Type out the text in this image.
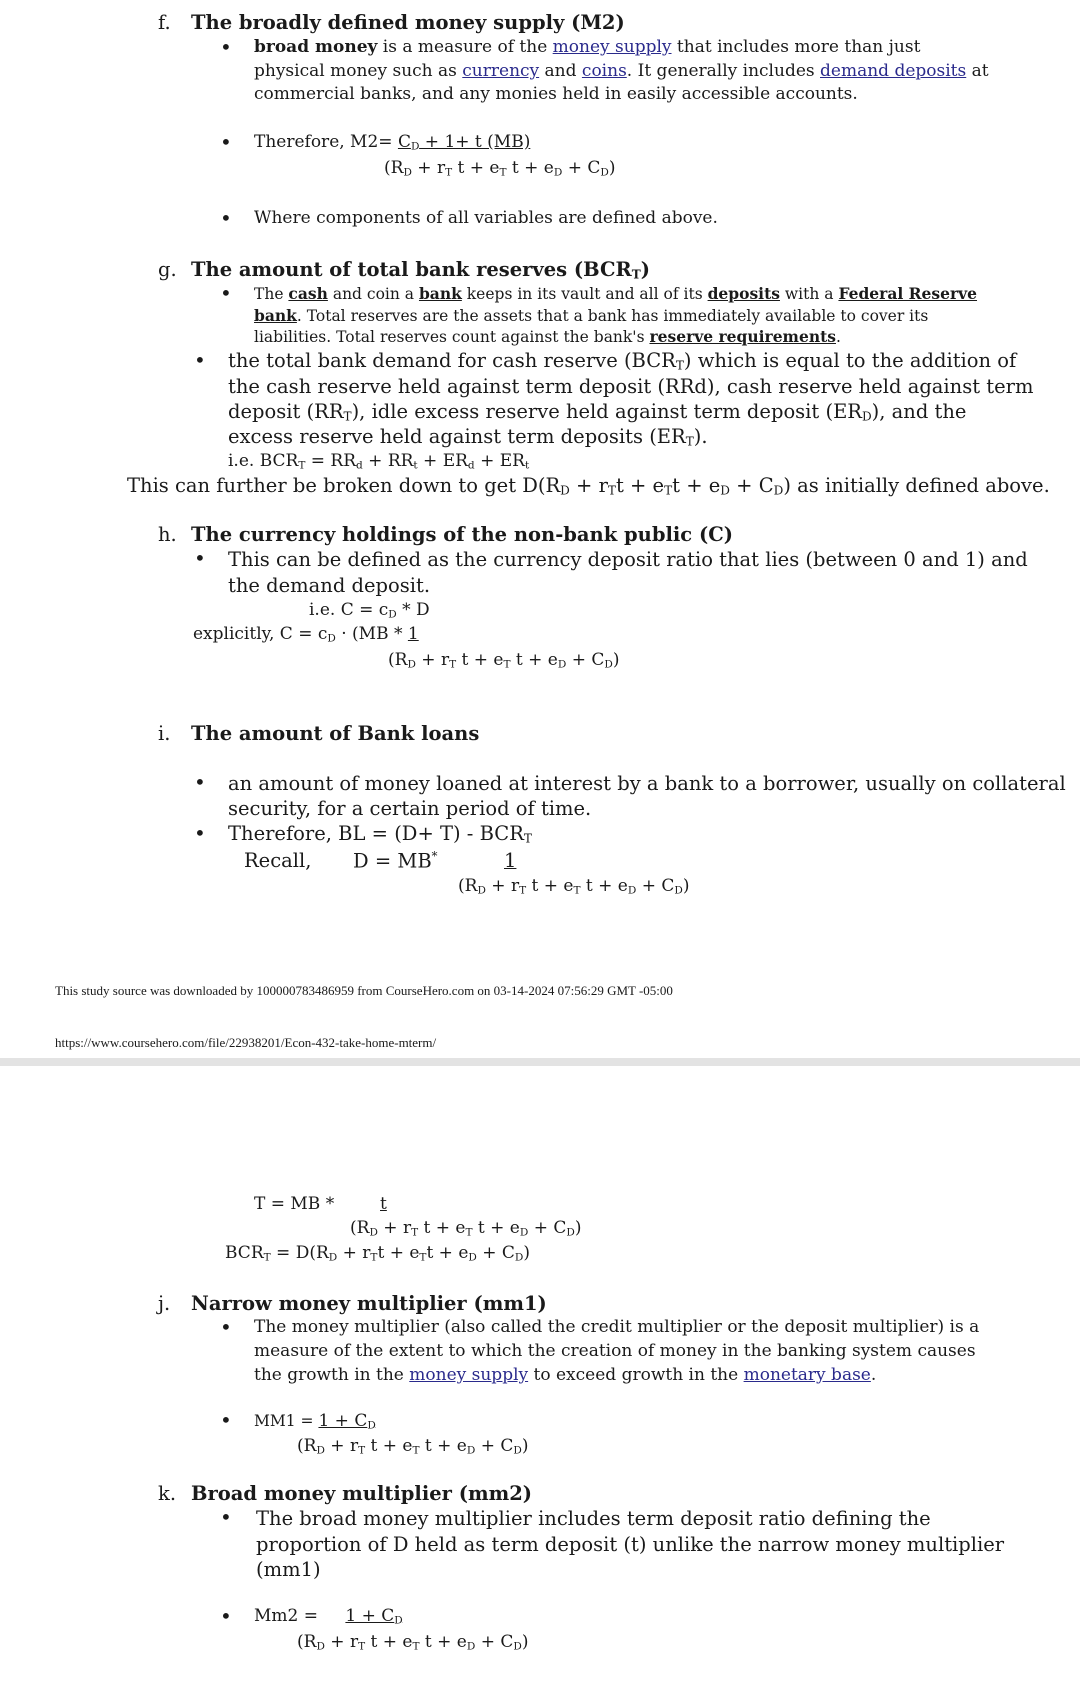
f. The broadly defined money supply (M2)
• broad money is a measure of the money supply that includes more than just
physical money such as currency and coins. It generally includes demand deposits at
commercial banks, and any monies held in easily accessible accounts.
• Therefore, $M2= C_D + 1+ t$ (MB)
($R_D + r_T$ $t + e_T$ $t + e_D + C_D$)
• Where components of all variables are defined above.
g. The amount of total bank reserves $(BCR_T)$
• The cash and coin a bank keeps in its vault and all of its deposits with a Federal Reserve
bank. Total reserves are the assets that a bank has immediately available to cover its
liabilities. Total reserves count against the bank's reserve requirements.
• the total bank demand for cash reserve $(BCR_T)$ which is equal to the addition of
the cash reserve held against term deposit (RRd), cash reserve held against term
deposit $(RR_T)$, idle excess reserve held against term deposit $(ER_D)$, and the
excess reserve held against term deposits $(ER_T)$.
i.e. $BCR_T = RR_d + RR_t + ER_d + ER_t$
This can further be broken down to get $D(R_D + r_Tt + e_Tt + e_D + C_D)$ as initially defined above.
h. The currency holdings of the non-bank public (C)
• This can be defined as the currency deposit ratio that lies (between 0 and 1) and
the demand deposit.
i.e. $C = c_D * D$
explicitly, $C = c_D \cdot (MB * 1$
($R_D + r_T$ $t + e_T$ $t + e_D + C_D$)
i. The amount of Bank loans
• an amount of money loaned at interest by a bank to a borrower, usually on collateral
security, for a certain period of time.
• Therefore, BL = $(D+ T) - BCR_T$
Recall, D = MB*	1
($R_D + r_T$ $t + e_T$ $t + e_D + C_D$)
This study source was downloaded by 100000783486959 from CourseHero.com on 03-14-2024 07:56:29 GMT -05:00
https://www.coursehero.com/file/22938201/Econ-432-take-home-mterm/
T = MB *	t
($R_D + r_T$ $t + e_T$ $t + e_D + C_D$)
$BCR_T = D(R_D + r_Tt + e_Tt + e_D + C_D)$
j. Narrow money multiplier (mm1)
• The money multiplier (also called the credit multiplier or the deposit multiplier) is a
measure of the extent to which the creation of money in the banking system causes
the growth in the money supply to exceed growth in the monetary base.
• $MM1 = 1 + C_D$
($R_D + r_T$ $t + e_T$ $t + e_D + C_D$)
k. Broad money multiplier (mm2)
• The broad money multiplier includes term deposit ratio defining the
proportion of D held as term deposit (t) unlike the narrow money multiplier
(mm1)
• $Mm2 = 1 + C_D$
($R_D + r_T$ $t + e_T$ $t + e_D + C_D$)
